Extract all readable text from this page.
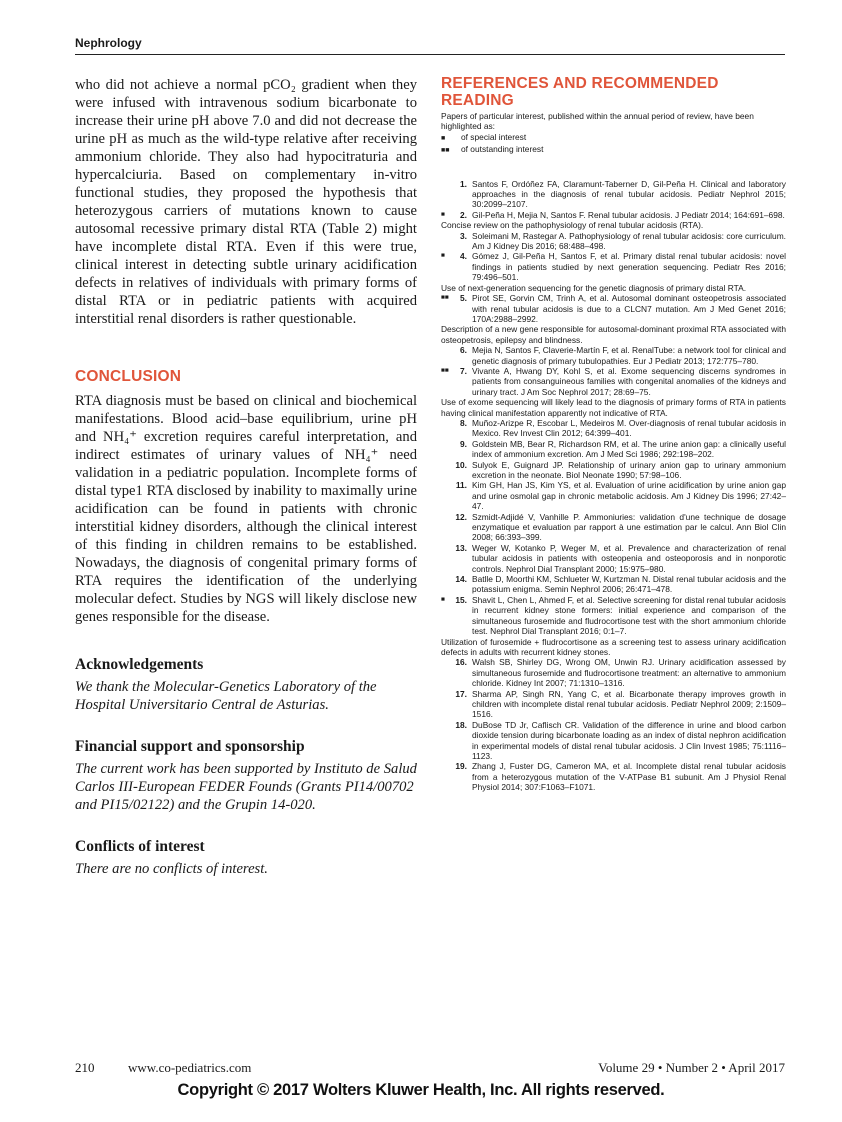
Nephrology

who did not achieve a normal pCO₂ gradient when they were infused with intravenous sodium bicarbonate to increase their urine pH above 7.0 and did not decrease the urine pH as much as the wild-type relative after receiving ammonium chloride. They also had hypocitraturia and hypercalciuria. Based on complementary in-vitro functional studies, they proposed the hypothesis that heterozygous carriers of mutations known to cause autosomal recessive primary distal RTA (Table 2) might have incomplete distal RTA. Even if this were true, clinical interest in detecting subtle urinary acidification defects in relatives of individuals with primary forms of distal RTA or in pediatric patients with acquired interstitial renal disorders is rather questionable.

CONCLUSION

RTA diagnosis must be based on clinical and biochemical manifestations. Blood acid–base equilibrium, urine pH and NH₄⁺ excretion requires careful interpretation, and indirect estimates of urinary values of NH₄⁺ need validation in a pediatric population. Incomplete forms of distal type1 RTA disclosed by inability to maximally urine acidification can be found in patients with chronic interstitial kidney disorders, although the clinical interest of this finding in children remains to be established. Nowadays, the diagnosis of congenital primary forms of RTA requires the identification of the underlying molecular defect. Studies by NGS will likely disclose new genes responsible for the disease.

Acknowledgements

We thank the Molecular-Genetics Laboratory of the Hospital Universitario Central de Asturias.

Financial support and sponsorship

The current work has been supported by Instituto de Salud Carlos III-European FEDER Founds (Grants PI14/00702 and PI15/02122) and the Grupin 14-020.

Conflicts of interest

There are no conflicts of interest.

REFERENCES AND RECOMMENDED
READING

Papers of particular interest, published within the annual period of review, have been highlighted as:

■	of special interest
■■	of outstanding interest
1. Santos F, Ordóñez FA, Claramunt-Taberner D, Gil-Peña H. Clinical and laboratory approaches in the diagnosis of renal tubular acidosis. Pediatr Nephrol 2015; 30:2099–2107.
■	2. Gil-Peña H, Mejia N, Santos F. Renal tubular acidosis. J Pediatr 2014; 164:691–698.

Concise review on the pathophysiology of renal tubular acidosis (RTA).

3. Soleimani M, Rastegar A. Pathophysiology of renal tubular acidosis: core curriculum. Am J Kidney Dis 2016; 68:488–498.
■	4. Gómez J, Gil-Peña H, Santos F, et al. Primary distal renal tubular acidosis: novel findings in patients studied by next generation sequencing. Pediatr Res 2016; 79:496–501.

Use of next-generation sequencing for the genetic diagnosis of primary distal RTA.

■■	5. Pirot SE, Gorvin CM, Trinh A, et al. Autosomal dominant osteopetrosis associated with renal tubular acidosis is due to a CLCN7 mutation. Am J Med Genet 2016; 170A:2988–2992.

Description of a new gene responsible for autosomal-dominant proximal RTA associated with osteopetrosis, epilepsy and blindness.

6. Mejia N, Santos F, Claverie-Martín F, et al. RenalTube: a network tool for clinical and genetic diagnosis of primary tubulopathies. Eur J Pediatr 2013; 172:775–780.
■■	7. Vivante A, Hwang DY, Kohl S, et al. Exome sequencing discerns syndromes in patients from consanguineous families with congenital anomalies of the kidneys and urinary tract. J Am Soc Nephrol 2017; 28:69–75.

Use of exome sequencing will likely lead to the diagnosis of primary forms of RTA in patients having clinical manifestation apparently not indicative of RTA.

8. Muñoz-Arizpe R, Escobar L, Medeiros M. Over-diagnosis of renal tubular acidosis in Mexico. Rev Invest Clin 2012; 64:399–401.
9. Goldstein MB, Bear R, Richardson RM, et al. The urine anion gap: a clinically useful index of ammonium excretion. Am J Med Sci 1986; 292:198–202.
10. Sulyok E, Guignard JP. Relationship of urinary anion gap to urinary ammonium excretion in the neonate. Biol Neonate 1990; 57:98–106.
11. Kim GH, Han JS, Kim YS, et al. Evaluation of urine acidification by urine anion gap and urine osmolal gap in chronic metabolic acidosis. Am J Kidney Dis 1996; 27:42–47.
12. Szmidt-Adjidé V, Vanhille P. Ammoniuries: validation d'une technique de dosage enzymatique et evaluation par rapport à une estimation par le calcul. Ann Biol Clin 2008; 66:393–399.
13. Weger W, Kotanko P, Weger M, et al. Prevalence and characterization of renal tubular acidosis in patients with osteopenia and osteoporosis and in nonporotic controls. Nephrol Dial Transplant 2000; 15:975–980.
14. Batlle D, Moorthi KM, Schlueter W, Kurtzman N. Distal renal tubular acidosis and the potassium enigma. Semin Nephrol 2006; 26:471–478.
■	15. Shavit L, Chen L, Ahmed F, et al. Selective screening for distal renal tubular acidosis in recurrent kidney stone formers: initial experience and comparison of the simultaneous furosemide and fludrocortisone test with the short ammonium chloride test. Nephrol Dial Transplant 2016; 0:1–7.

Utilization of furosemide + fludrocortisone as a screening test to assess urinary acidification defects in adults with recurrent kidney stones.

16. Walsh SB, Shirley DG, Wrong OM, Unwin RJ. Urinary acidification assessed by simultaneous furosemide and fludrocortisone treatment: an alternative to ammonium chloride. Kidney Int 2007; 71:1310–1316.
17. Sharma AP, Singh RN, Yang C, et al. Bicarbonate therapy improves growth in children with incomplete distal renal tubular acidosis. Pediatr Nephrol 2009; 2:1509–1516.
18. DuBose TD Jr, Caflisch CR. Validation of the difference in urine and blood carbon dioxide tension during bicarbonate loading as an index of distal nephron acidification in experimental models of distal renal tubular acidosis. J Clin Invest 1985; 75:1116–1123.
19. Zhang J, Fuster DG, Cameron MA, et al. Incomplete distal renal tubular acidosis from a heterozygous mutation of the V-ATPase B1 subunit. Am J Physiol Renal Physiol 2014; 307:F1063–F1071.
210	www.co-pediatrics.com	Volume 29 • Number 2 • April 2017
Copyright © 2017 Wolters Kluwer Health, Inc. All rights reserved.
